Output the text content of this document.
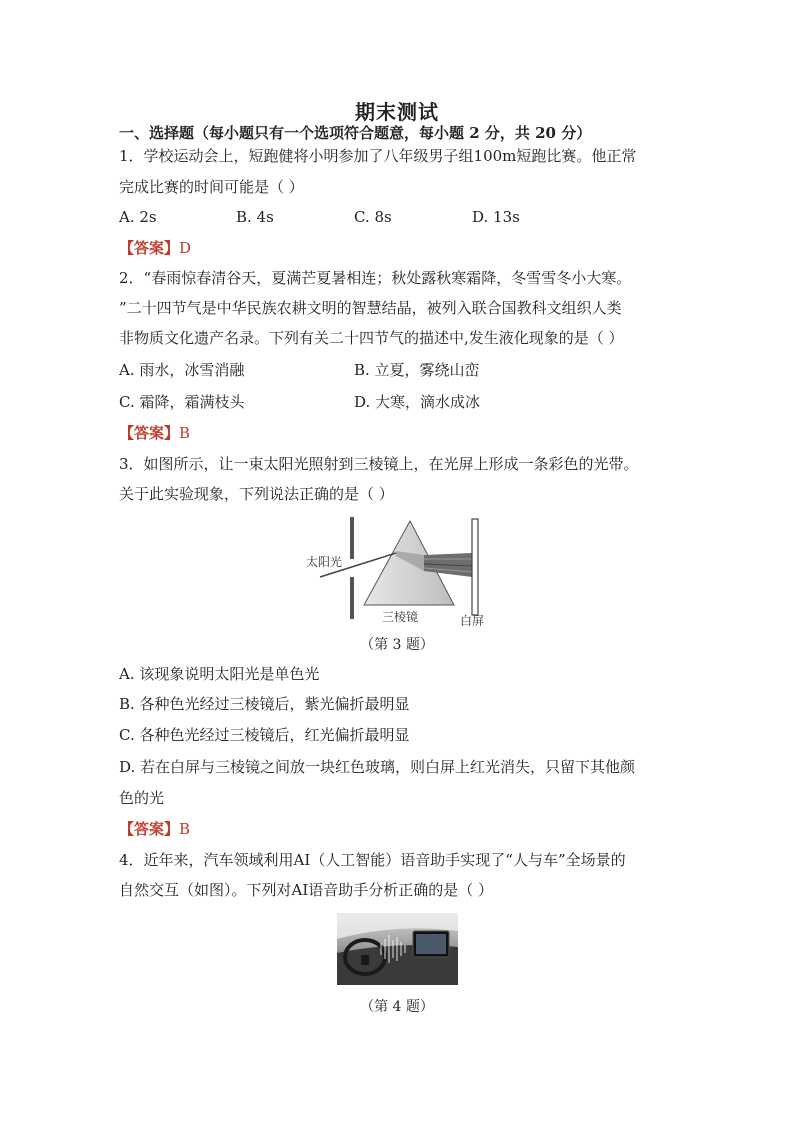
期末测试
一、选择题（每小题只有一个选项符合题意，每小题 2 分，共 20 分）
1．学校运动会上，短跑健将小明参加了八年级男子组100m短跑比赛。他正常
完成比赛的时间可能是（ ）
A. 2s	B. 4s	C. 8s	D. 13s
【答案】D
2．“春雨惊春清谷天，夏满芒夏暑相连；秋处露秋寒霜降，冬雪雪冬小大寒。
”二十四节气是中华民族农耕文明的智慧结晶，被列入联合国教科文组织人类
非物质文化遗产名录。下列有关二十四节气的描述中,发生液化现象的是（ ）
A. 雨水，冰雪消融	B. 立夏，雾绕山峦
C. 霜降，霜满枝头	D. 大寒，滴水成冰
【答案】B
3．如图所示，让一束太阳光照射到三棱镜上，在光屏上形成一条彩色的光带。
关于此实验现象，下列说法正确的是（ ）
太阳光
三棱镜	白屏
（第 3 题）
A. 该现象说明太阳光是单色光
B. 各种色光经过三棱镜后，紫光偏折最明显
C. 各种色光经过三棱镜后，红光偏折最明显
D. 若在白屏与三棱镜之间放一块红色玻璃，则白屏上红光消失，只留下其他颜
色的光
【答案】B
4．近年来，汽车领域利用AI（人工智能）语音助手实现了“人与车”全场景的
自然交互（如图）。下列对AI语音助手分析正确的是（ ）
（第 4 题）
